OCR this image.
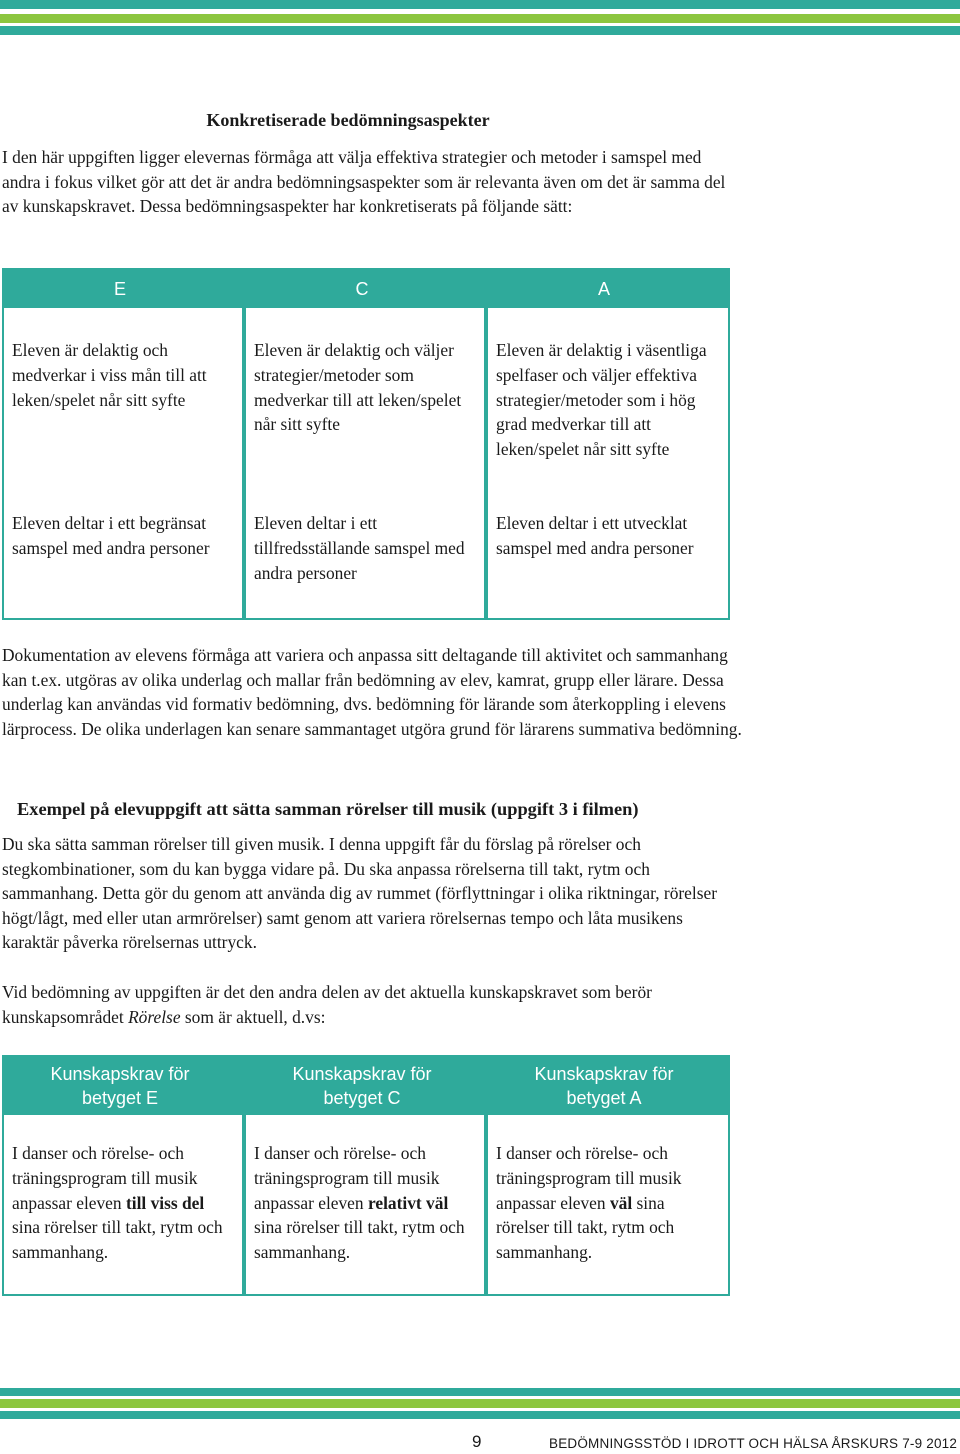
Konkretiserade bedömningsaspekter
I den här uppgiften ligger elevernas förmåga att välja effektiva strategier och metoder i samspel med andra i fokus vilket gör att det är andra bedömningsaspekter som är relevanta även om det är samma del av kunskapskravet. Dessa bedömningsaspekter har konkretiserats på följande sätt:
E
Eleven är delaktig och medverkar i viss mån till att leken/spelet når sitt syfte
Eleven deltar i ett begränsat samspel med andra personer
C
Eleven är delaktig och väljer strategier/metoder som medverkar till att leken/spelet når sitt syfte
Eleven deltar i ett tillfredsställande samspel med andra personer
A
Eleven är delaktig i väsentliga spelfaser och väljer effektiva strategier/metoder som i hög grad medverkar till att leken/spelet når sitt syfte
Eleven deltar i ett utvecklat samspel med andra personer
Dokumentation av elevens förmåga att variera och anpassa sitt deltagande till aktivitet och sammanhang kan t.ex. utgöras av olika underlag och mallar från bedömning av elev, kamrat, grupp eller lärare. Dessa underlag kan användas vid formativ bedömning, dvs. bedömning för lärande som återkoppling i elevens lärprocess. De olika underlagen kan senare sammantaget utgöra grund för lärarens summativa bedömning.
Exempel på elevuppgift att sätta samman rörelser till musik (uppgift 3 i filmen)
Du ska sätta samman rörelser till given musik. I denna uppgift får du förslag på rörelser och stegkombinationer, som du kan bygga vidare på. Du ska anpassa rörelserna till takt, rytm och sammanhang. Detta gör du genom att använda dig av rummet (förflyttningar i olika riktningar, rörelser högt/lågt, med eller utan armrörelser) samt genom att variera rörelsernas tempo och låta musikens karaktär påverka rörelsernas uttryck.
Vid bedömning av uppgiften är det den andra delen av det aktuella kunskapskravet som berör kunskapsområdet Rörelse som är aktuell, d.vs:
Kunskapskrav för betyget E
I danser och rörelse- och träningsprogram till musik anpassar eleven till viss del sina rörelser till takt, rytm och sammanhang.
Kunskapskrav för betyget C
I danser och rörelse- och träningsprogram till musik anpassar eleven relativt väl sina rörelser till takt, rytm och sammanhang.
Kunskapskrav för betyget A
I danser och rörelse- och träningsprogram till musik anpassar eleven väl sina rörelser till takt, rytm och sammanhang.
9	BEDÖMNINGSSTÖD I IDROTT OCH HÄLSA ÅRSKURS 7-9 2012
